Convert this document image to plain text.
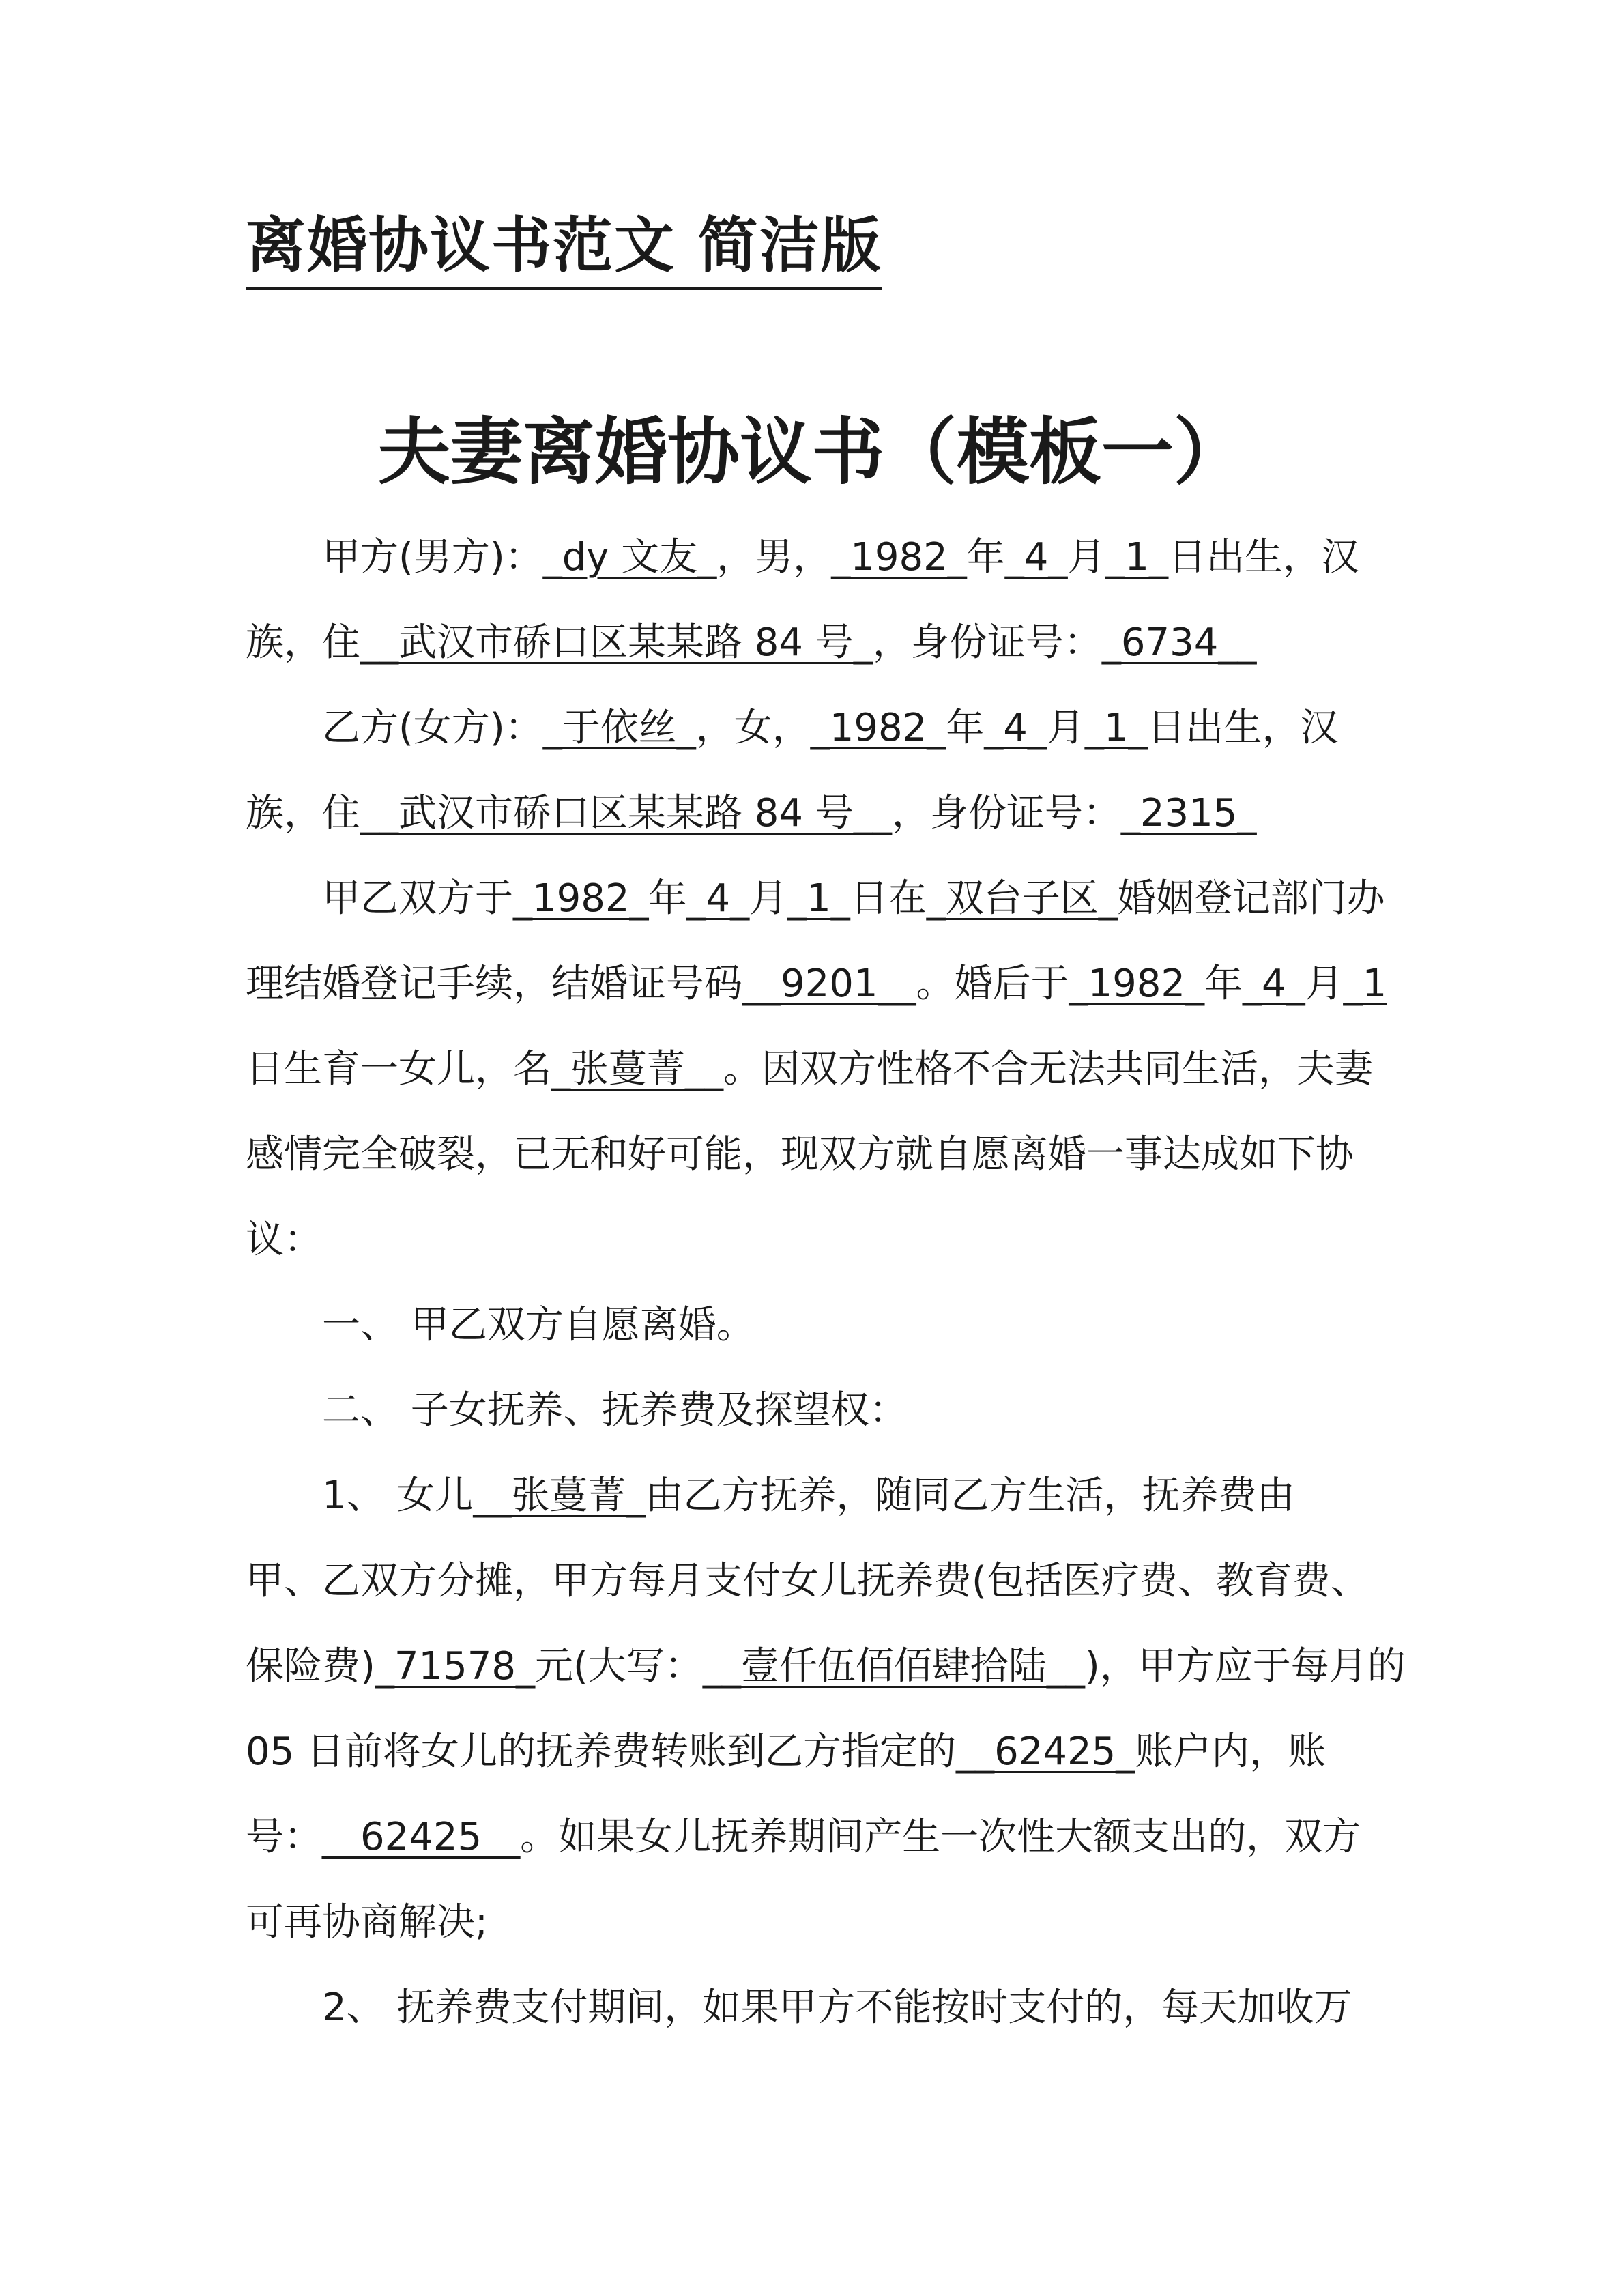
离婚协议书范文 简洁版
夫妻离婚协议书（模板一）
甲方(男方)：_dy 文友_，男，_1982_年_4_月_1_日出生，汉
族，住__武汉市硚口区某某路 84 号_，身份证号：_6734__
乙方(女方)：_于依丝_，女，_1982_年_4_月_1_日出生，汉
族，住__武汉市硚口区某某路 84 号__，身份证号：_2315_
甲乙双方于_1982_年_4_月_1_日在_双台子区_婚姻登记部门办
理结婚登记手续，结婚证号码__9201__。婚后于_1982_年_4_月_1
日生育一女儿，名_张蔓菁__。因双方性格不合无法共同生活，夫妻
感情完全破裂，已无和好可能，现双方就自愿离婚一事达成如下协
议：
一、 甲乙双方自愿离婚。
二、 子女抚养、抚养费及探望权：
1、 女儿__张蔓菁_由乙方抚养，随同乙方生活，抚养费由
甲、乙双方分摊，甲方每月支付女儿抚养费(包括医疗费、教育费、
保险费)_71578_元(大写：__壹仟伍佰佰肆拾陆__)，甲方应于每月的
05 日前将女儿的抚养费转账到乙方指定的__62425_账户内，账
号：__62425__。如果女儿抚养期间产生一次性大额支出的，双方
可再协商解决;
2、 抚养费支付期间，如果甲方不能按时支付的，每天加收万
